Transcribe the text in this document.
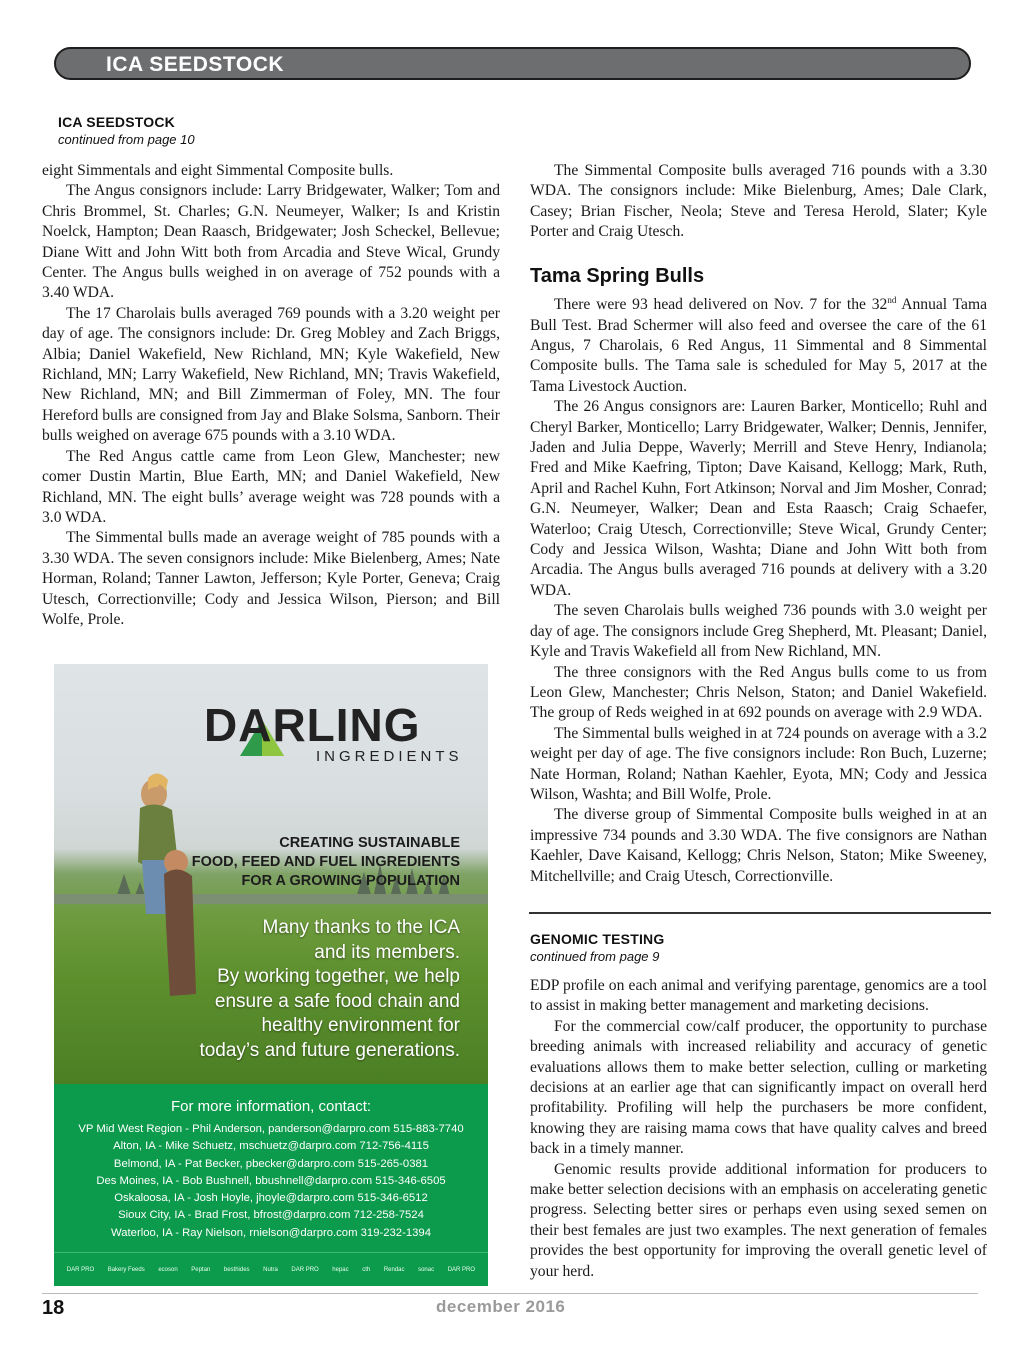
ICA SEEDSTOCK
ICA SEEDSTOCK
continued from page 10

eight Simmentals and eight Simmental Composite bulls.

The Angus consignors include: Larry Bridgewater, Walker; Tom and Chris Brommel, St. Charles; G.N. Neumeyer, Walker; Is and Kristin Noelck, Hampton; Dean Raasch, Bridgewater; Josh Scheckel, Bellevue; Diane Witt and John Witt both from Arcadia and Steve Wical, Grundy Center. The Angus bulls weighed in on average of 752 pounds with a 3.40 WDA.

The 17 Charolais bulls averaged 769 pounds with a 3.20 weight per day of age. The consignors include: Dr. Greg Mobley and Zach Briggs, Albia; Daniel Wakefield, New Richland, MN; Kyle Wakefield, New Richland, MN; Larry Wakefield, New Richland, MN; Travis Wakefield, New Richland, MN; and Bill Zimmerman of Foley, MN. The four Hereford bulls are consigned from Jay and Blake Solsma, Sanborn. Their bulls weighed on average 675 pounds with a 3.10 WDA.

The Red Angus cattle came from Leon Glew, Manchester; new comer Dustin Martin, Blue Earth, MN; and Daniel Wakefield, New Richland, MN. The eight bulls’ average weight was 728 pounds with a 3.0 WDA.

The Simmental bulls made an average weight of 785 pounds with a 3.30 WDA. The seven consignors include: Mike Bielenberg, Ames; Nate Horman, Roland; Tanner Lawton, Jefferson; Kyle Porter, Geneva; Craig Utesch, Correctionville; Cody and Jessica Wilson, Pierson; and Bill Wolfe, Prole.

The Simmental Composite bulls averaged 716 pounds with a 3.30 WDA. The consignors include: Mike Bielenburg, Ames; Dale Clark, Casey; Brian Fischer, Neola; Steve and Teresa Herold, Slater; Kyle Porter and Craig Utesch.

Tama Spring Bulls

There were 93 head delivered on Nov. 7 for the 32nd Annual Tama Bull Test. Brad Schermer will also feed and oversee the care of the 61 Angus, 7 Charolais, 6 Red Angus, 11 Simmental and 8 Simmental Composite bulls. The Tama sale is scheduled for May 5, 2017 at the Tama Livestock Auction.

The 26 Angus consignors are: Lauren Barker, Monticello; Ruhl and Cheryl Barker, Monticello; Larry Bridgewater, Walker; Dennis, Jennifer, Jaden and Julia Deppe, Waverly; Merrill and Steve Henry, Indianola; Fred and Mike Kaefring, Tipton; Dave Kaisand, Kellogg; Mark, Ruth, April and Rachel Kuhn, Fort Atkinson; Norval and Jim Mosher, Conrad; G.N. Neumeyer, Walker; Dean and Esta Raasch; Craig Schaefer, Waterloo; Craig Utesch, Correctionville; Steve Wical, Grundy Center; Cody and Jessica Wilson, Washta; Diane and John Witt both from Arcadia. The Angus bulls averaged 716 pounds at delivery with a 3.20 WDA.

The seven Charolais bulls weighed 736 pounds with 3.0 weight per day of age. The consignors include Greg Shepherd, Mt. Pleasant; Daniel, Kyle and Travis Wakefield all from New Richland, MN.

The three consignors with the Red Angus bulls come to us from Leon Glew, Manchester; Chris Nelson, Staton; and Daniel Wakefield. The group of Reds weighed in at 692 pounds on average with 2.9 WDA.

The Simmental bulls weighed in at 724 pounds on average with a 3.2 weight per day of age. The five consignors include: Ron Buch, Luzerne; Nate Horman, Roland; Nathan Kaehler, Eyota, MN; Cody and Jessica Wilson, Washta; and Bill Wolfe, Prole.

The diverse group of Simmental Composite bulls weighed in at an impressive 734 pounds and 3.30 WDA. The five consignors are Nathan Kaehler, Dave Kaisand, Kellogg; Chris Nelson, Staton; Mike Sweeney, Mitchellville; and Craig Utesch, Correctionville.

GENOMIC TESTING
continued from page 9

EDP profile on each animal and verifying parentage, genomics are a tool to assist in making better management and marketing decisions.

For the commercial cow/calf producer, the opportunity to purchase breeding animals with increased reliability and accuracy of genetic evaluations allows them to make better selection, culling or marketing decisions at an earlier age that can significantly impact on overall herd profitability. Profiling will help the purchasers be more confident, knowing they are raising mama cows that have quality calves and breed back in a timely manner.

Genomic results provide additional information for producers to make better selection decisions with an emphasis on accelerating genetic progress. Selecting better sires or perhaps even using sexed semen on their best females are just two examples. The next generation of females provides the best opportunity for improving the overall genetic level of your herd.

DARLING
INGREDIENTS
CREATING SUSTAINABLE
FOOD, FEED AND FUEL INGREDIENTS
FOR A GROWING POPULATION
Many thanks to the ICA
and its members.
By working together, we help
ensure a safe food chain and
healthy environment for
today’s and future generations.
For more information, contact:
VP Mid West Region - Phil Anderson, panderson@darpro.com 515-883-7740
Alton, IA - Mike Schuetz, mschuetz@darpro.com 712-756-4115
Belmond, IA - Pat Becker, pbecker@darpro.com 515-265-0381
Des Moines, IA - Bob Bushnell, bbushnell@darpro.com 515-346-6505
Oskaloosa, IA - Josh Hoyle, jhoyle@darpro.com 515-346-6512
Sioux City, IA - Brad Frost, bfrost@darpro.com 712-258-7524
Waterloo, IA - Ray Nielson, rnielson@darpro.com 319-232-1394
DAR PRO Bakery Feeds ecoson Peptan besthides Nutra DAR PRO hepac cth Rendac sonac DAR PRO
18	december 2016
